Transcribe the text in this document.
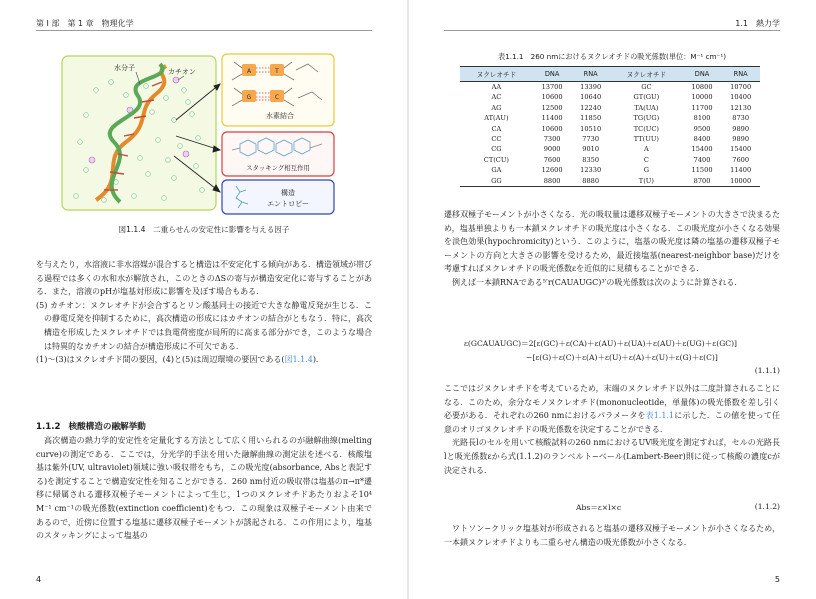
第 I 部　第 1 章　物理化学
水分子	カチオン	A	T
G	C
水素結合
スタッキング相互作用
構造
エントロピー
図1.1.4　二重らせんの安定性に影響を与える因子

を与えたり，水溶液に非水溶媒が混合すると構造は不安定化する傾向がある．構造領域が帯びる過程では多くの水和水が解放され，このときのΔSの寄与が構造安定化に寄与することがある．また，溶液のpHが塩基対形成に影響を及ぼす場合もある．

(5) カチオン：ヌクレオチドが会合するとリン酸基同士の接近で大きな静電反発が生じる．この静電反発を抑制するために，高次構造の形成にはカチオンの結合がともなう．特に，高次構造を形成したヌクレオチドでは負電荷密度が局所的に高まる部分ができ，このような場合は特異的なカチオンの結合が構造形成に不可欠である．

(1)～(3)はヌクレオチド間の要因，(4)と(5)は周辺環境の要因である(図1.1.4)．

1.1.2 核酸構造の融解挙動
高次構造の熱力学的安定性を定量化する方法として広く用いられるのが融解曲線(melting curve)の測定である．ここでは，分光学的手法を用いた融解曲線の測定法を述べる．核酸塩基は紫外(UV, ultraviolet)領域に強い吸収帯をもち，この吸光度(absorbance, Absと表記する)を測定することで構造安定性を知ることができる．260 nm付近の吸収帯は塩基のπ→π*遷移に帰属される遷移双極子モーメントによって生じ，1つのヌクレオチドあたりおよそ10⁴ M⁻¹ cm⁻¹の吸光係数(extinction coefficient)をもつ．この現象は双極子モーメント由来であるので，近傍に位置する塩基に遷移双極子モーメントが誘起される．この作用により，塩基のスタッキングによって塩基の
4
1.1　熱力学
表1.1.1　260 nmにおけるヌクレオチドの吸光係数(単位：M⁻¹ cm⁻¹)
ヌクレオチド	DNA	RNA	ヌクレオチド	DNA	RNA
AA	13700	13390	GC	10800	10700
AC	10600	10640	GT(GU)	10000	10400
AG	12500	12240	TA(UA)	11700	12130
AT(AU)	11400	11850	TG(UG)	8100	8730
CA	10600	10510	TC(UC)	9500	9890
CC	7300	7730	TT(UU)	8400	9890
CG	9000	9010	A	15400	15400
CT(CU)	7600	8350	C	7400	7600
GA	12600	12330	G	11500	11400
GG	8800	8880	T(U)	8700	10000

遷移双極子モーメントが小さくなる．光の吸収量は遷移双極子モーメントの大きさで決まるため，塩基単独よりも一本鎖ヌクレオチドの吸光度は小さくなる．この吸光度が小さくなる効果を淡色効果(hypochromicity)という．このように，塩基の吸光度は隣の塩基の遷移双極子モーメントの方向と大きさの影響を受けるため，最近接塩基(nearest-neighbor base)だけを考慮すればヌクレオチドの吸光係数εを近似的に見積もることができる．

例えば一本鎖RNAである⁵′r(CAUAUGC)³′の吸光係数は次のように計算される．

ε(GCAUAUGC)＝2[ε(GC)＋ε(CA)＋ε(AU)＋ε(UA)＋ε(AU)＋ε(UG)＋ε(GC)]
−[ε(G)＋ε(C)＋ε(A)＋ε(U)＋ε(A)＋ε(U)＋ε(G)＋ε(C)]
(1.1.1)

ここではジヌクレオチドを考えているため，末端のヌクレオチド以外は二度計算されることになる．このため，余分なモノヌクレオチド(mononucleotide，単量体)の吸光係数を差し引く必要がある．それぞれの260 nmにおけるパラメータを表1.1.1に示した．この値を使って任意のオリゴヌクレオチドの吸光係数を決定することができる．

光路長lのセルを用いて核酸試料の260 nmにおけるUV吸光度を測定すれば，セルの光路長lと吸光係数εから式(1.1.2)のランベルト−ベール(Lambert-Beer)則に従って核酸の濃度cが決定される．

Abs＝ε×l×c	(1.1.2)
ワトソン−クリック塩基対が形成されると塩基の遷移双極子モーメントが小さくなるため，一本鎖ヌクレオチドよりも二重らせん構造の吸光係数が小さくなる．
5
